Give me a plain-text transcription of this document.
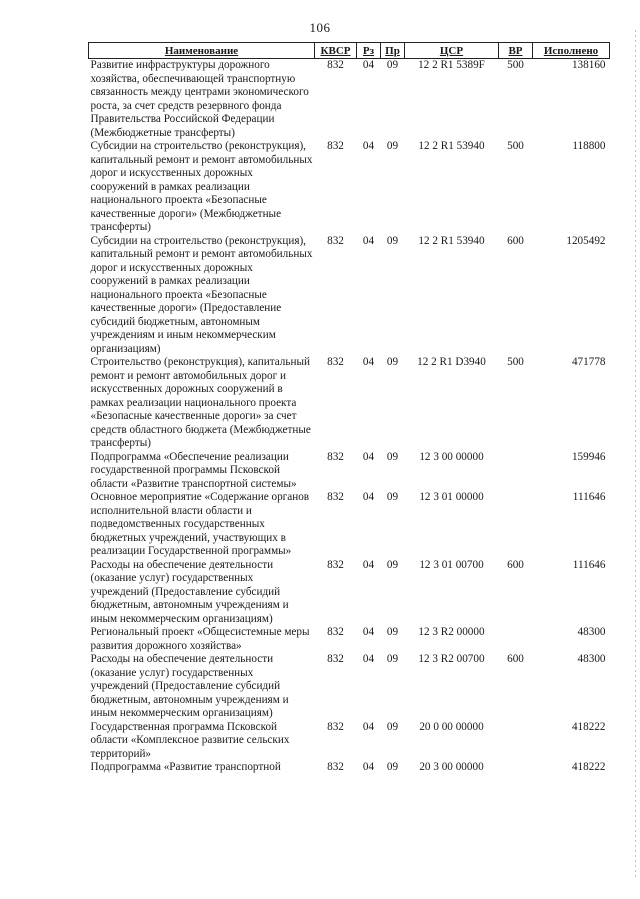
106
Наименование	КВСР	Рз	Пр	ЦСР	ВР	Исполнено
Развитие инфраструктуры дорожного хозяйства, обеспечивающей транспортную связанность между центрами экономического роста, за счет средств резервного фонда Правительства Российской Федерации (Межбюджетные трансферты)	832	04	09	12 2 R1 5389F	500	138160
Субсидии на строительство (реконструкция), капитальный ремонт и ремонт автомобильных дорог и искусственных дорожных сооружений в рамках реализации национального проекта «Безопасные качественные дороги» (Межбюджетные трансферты)	832	04	09	12 2 R1 53940	500	118800
Субсидии на строительство (реконструкция), капитальный ремонт и ремонт автомобильных дорог и искусственных дорожных сооружений в рамках реализации национального проекта «Безопасные качественные дороги» (Предоставление субсидий бюджетным, автономным учреждениям и иным некоммерческим организациям)	832	04	09	12 2 R1 53940	600	1205492
Строительство (реконструкция), капитальный ремонт и ремонт автомобильных дорог и искусственных дорожных сооружений в рамках реализации национального проекта «Безопасные качественные дороги» за счет средств областного бюджета (Межбюджетные трансферты)	832	04	09	12 2 R1 D3940	500	471778
Подпрограмма «Обеспечение реализации государственной программы Псковской области «Развитие транспортной системы»	832	04	09	12 3 00 00000		159946
Основное мероприятие «Содержание органов исполнительной власти области и подведомственных государственных бюджетных учреждений, участвующих в реализации Государственной программы»	832	04	09	12 3 01 00000		111646
Расходы на обеспечение деятельности (оказание услуг) государственных учреждений (Предоставление субсидий бюджетным, автономным учреждениям и иным некоммерческим организациям)	832	04	09	12 3 01 00700	600	111646
Региональный проект «Общесистемные меры развития дорожного хозяйства»	832	04	09	12 3 R2 00000		48300
Расходы на обеспечение деятельности (оказание услуг) государственных учреждений (Предоставление субсидий бюджетным, автономным учреждениям и иным некоммерческим организациям)	832	04	09	12 3 R2 00700	600	48300
Государственная программа Псковской области «Комплексное развитие сельских территорий»	832	04	09	20 0 00 00000		418222
Подпрограмма «Развитие транспортной	832	04	09	20 3 00 00000		418222
